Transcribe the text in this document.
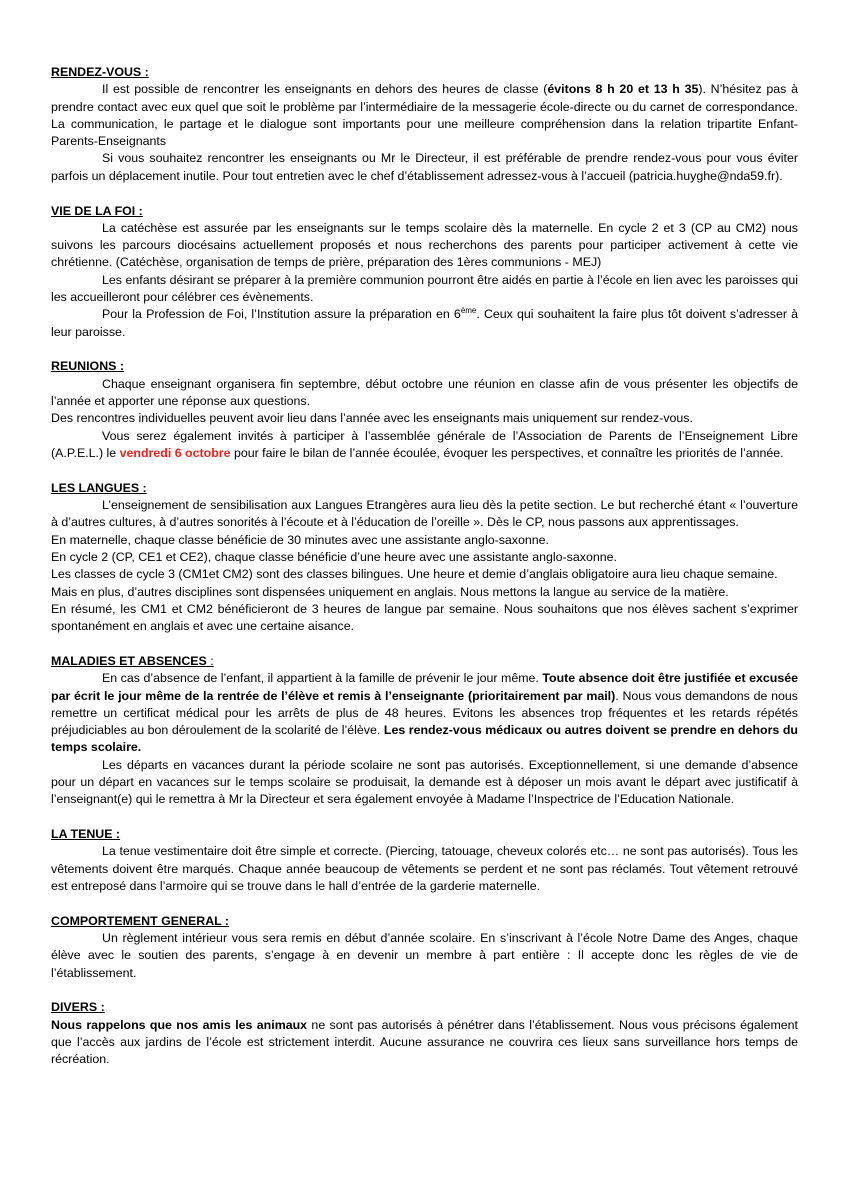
RENDEZ-VOUS :

Il est possible de rencontrer les enseignants en dehors des heures de classe (évitons 8 h 20 et 13 h 35). N’hésitez pas à prendre contact avec eux quel que soit le problème par l’intermédiaire de la messagerie école-directe ou du carnet de correspondance. La communication, le partage et le dialogue sont importants pour une meilleure compréhension dans la relation tripartite Enfant-Parents-Enseignants

Si vous souhaitez rencontrer les enseignants ou Mr le Directeur, il est préférable de prendre rendez-vous pour vous éviter parfois un déplacement inutile. Pour tout entretien avec le chef d’établissement adressez-vous à l’accueil (patricia.huyghe@nda59.fr).

VIE DE LA FOI :

La catéchèse est assurée par les enseignants sur le temps scolaire dès la maternelle. En cycle 2 et 3 (CP au CM2) nous suivons les parcours diocésains actuellement proposés et nous recherchons des parents pour participer activement à cette vie chrétienne. (Catéchèse, organisation de temps de prière, préparation des 1ères communions - MEJ)

Les enfants désirant se préparer à la première communion pourront être aidés en partie à l’école en lien avec les paroisses qui les accueilleront pour célébrer ces évènements.

Pour la Profession de Foi, l’Institution assure la préparation en 6ème. Ceux qui souhaitent la faire plus tôt doivent s’adresser à leur paroisse.

REUNIONS :

Chaque enseignant organisera fin septembre, début octobre une réunion en classe afin de vous présenter les objectifs de l’année et apporter une réponse aux questions.

Des rencontres individuelles peuvent avoir lieu dans l’année avec les enseignants mais uniquement sur rendez-vous.

Vous serez également invités à participer à l’assemblée générale de l’Association de Parents de l’Enseignement Libre (A.P.E.L.) le vendredi 6 octobre pour faire le bilan de l’année écoulée, évoquer les perspectives, et connaître les priorités de l’année.

LES LANGUES :

L’enseignement de sensibilisation aux Langues Etrangères aura lieu dès la petite section. Le but recherché étant « l’ouverture à d’autres cultures, à d’autres sonorités à l’écoute et à l’éducation de l’oreille ». Dès le CP, nous passons aux apprentissages.

En maternelle, chaque classe bénéficie de 30 minutes avec une assistante anglo-saxonne.

En cycle 2 (CP, CE1 et CE2), chaque classe bénéficie d’une heure avec une assistante anglo-saxonne.

Les classes de cycle 3 (CM1et CM2) sont des classes bilingues. Une heure et demie d’anglais obligatoire aura lieu chaque semaine.

Mais en plus, d’autres disciplines sont dispensées uniquement en anglais. Nous mettons la langue au service de la matière.

En résumé, les CM1 et CM2 bénéficieront de 3 heures de langue par semaine. Nous souhaitons que nos élèves sachent s’exprimer spontanément en anglais et avec une certaine aisance.

MALADIES ET ABSENCES :

En cas d’absence de l’enfant, il appartient à la famille de prévenir le jour même. Toute absence doit être justifiée et excusée par écrit le jour même de la rentrée de l’élève et remis à l’enseignante (prioritairement par mail). Nous vous demandons de nous remettre un certificat médical pour les arrêts de plus de 48 heures. Evitons les absences trop fréquentes et les retards répétés préjudiciables au bon déroulement de la scolarité de l’élève. Les rendez-vous médicaux ou autres doivent se prendre en dehors du temps scolaire.

Les départs en vacances durant la période scolaire ne sont pas autorisés. Exceptionnellement, si une demande d’absence pour un départ en vacances sur le temps scolaire se produisait, la demande est à déposer un mois avant le départ avec justificatif à l’enseignant(e) qui le remettra à Mr la Directeur et sera également envoyée à Madame l’Inspectrice de l’Education Nationale.

LA TENUE :

La tenue vestimentaire doit être simple et correcte. (Piercing, tatouage, cheveux colorés etc… ne sont pas autorisés). Tous les vêtements doivent être marqués. Chaque année beaucoup de vêtements se perdent et ne sont pas réclamés. Tout vêtement retrouvé est entreposé dans l’armoire qui se trouve dans le hall d’entrée de la garderie maternelle.

COMPORTEMENT GENERAL :

Un règlement intérieur vous sera remis en début d’année scolaire. En s’inscrivant à l’école Notre Dame des Anges, chaque élève avec le soutien des parents, s’engage à en devenir un membre à part entière : Il accepte donc les règles de vie de l’établissement.

DIVERS :

Nous rappelons que nos amis les animaux ne sont pas autorisés à pénétrer dans l’établissement. Nous vous précisons également que l’accès aux jardins de l’école est strictement interdit. Aucune assurance ne couvrira ces lieux sans surveillance hors temps de récréation.
